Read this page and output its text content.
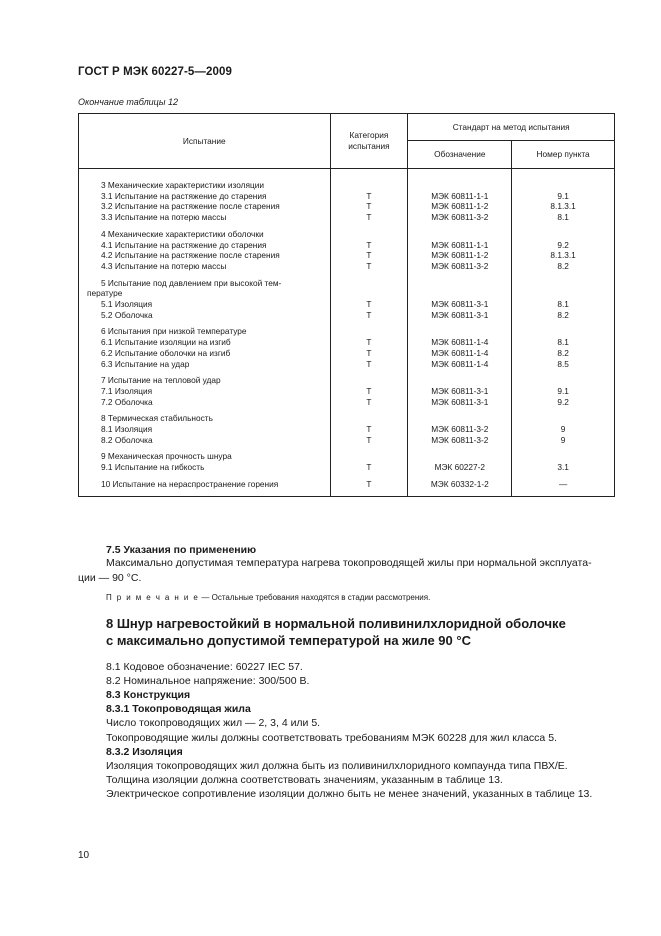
ГОСТ Р МЭК 60227-5—2009
Окончание таблицы 12
Испытание	Категория испытания	Стандарт на метод испытания	
		Обозначение	Номер пункта

3 Механические характеристики изоляции			
3.1 Испытание на растяжение до старения	Т	МЭК 60811-1-1	9.1
3.2 Испытание на растяжение после старения	Т	МЭК 60811-1-2	8.1.3.1
3.3 Испытание на потерю массы	Т	МЭК 60811-3-2	8.1

4 Механические характеристики оболочки			
4.1 Испытание на растяжение до старения	Т	МЭК 60811-1-1	9.2
4.2 Испытание на растяжение после старения	Т	МЭК 60811-1-2	8.1.3.1
4.3 Испытание на потерю массы	Т	МЭК 60811-3-2	8.2

5 Испытание под давлением при высокой тем-			
пературе			
5.1 Изоляция	Т	МЭК 60811-3-1	8.1
5.2 Оболочка	Т	МЭК 60811-3-1	8.2

6 Испытания при низкой температуре			
6.1 Испытание изоляции на изгиб	Т	МЭК 60811-1-4	8.1
6.2 Испытание оболочки на изгиб	Т	МЭК 60811-1-4	8.2
6.3 Испытание на удар	Т	МЭК 60811-1-4	8.5

7 Испытание на тепловой удар			
7.1 Изоляция	Т	МЭК 60811-3-1	9.1
7.2 Оболочка	Т	МЭК 60811-3-1	9.2

8 Термическая стабильность			
8.1 Изоляция	Т	МЭК 60811-3-2	9
8.2 Оболочка	Т	МЭК 60811-3-2	9

9 Механическая прочность шнура			
9.1 Испытание на гибкость	Т	МЭК 60227-2	3.1

10 Испытание на нераспространение горения	Т	МЭК 60332-1-2	—

7.5 Указания по применению
Максимально допустимая температура нагрева токопроводящей жилы при нормальной эксплуата-
ции — 90 °С.
П р и м е ч а н и е — Остальные требования находятся в стадии рассмотрения.
8 Шнур нагревостойкий в нормальной поливинилхлоридной оболочке
с максимально допустимой температурой на жиле 90 °С
8.1 Кодовое обозначение: 60227 IEC 57.
8.2 Номинальное напряжение: 300/500 В.
8.3 Конструкция
8.3.1 Токопроводящая жила
Число токопроводящих жил — 2, 3, 4 или 5.
Токопроводящие жилы должны соответствовать требованиям МЭК 60228 для жил класса 5.
8.3.2 Изоляция
Изоляция токопроводящих жил должна быть из поливинилхлоридного компаунда типа ПВХ/Е.
Толщина изоляции должна соответствовать значениям, указанным в таблице 13.
Электрическое сопротивление изоляции должно быть не менее значений, указанных в таблице 13.
10
